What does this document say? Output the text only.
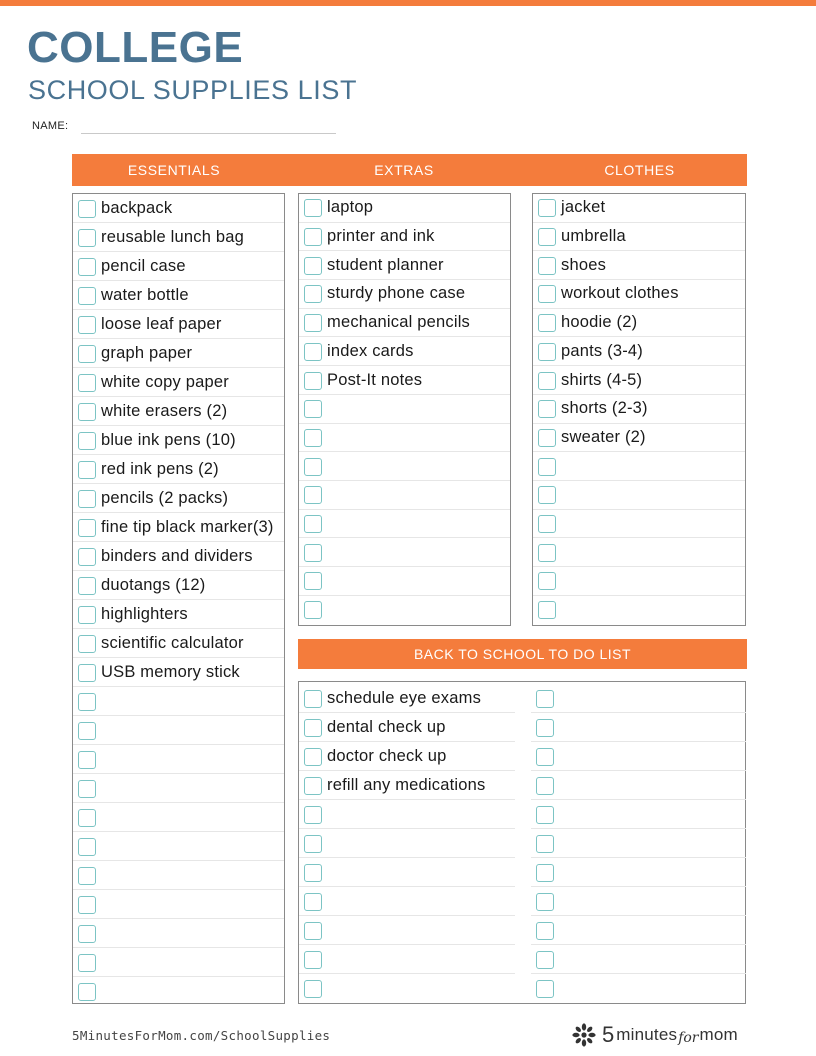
COLLEGE
SCHOOL SUPPLIES LIST
NAME:
ESSENTIALS	EXTRAS	CLOTHES
backpack
reusable lunch bag
pencil case
water bottle
loose leaf paper
graph paper
white copy paper
white erasers (2)
blue ink pens (10)
red ink pens (2)
pencils (2 packs)
fine tip black marker(3)
binders and dividers
duotangs (12)
highlighters
scientific calculator
USB memory stick
laptop
printer and ink
student planner
sturdy phone case
mechanical pencils
index cards
Post-It notes
jacket
umbrella
shoes
workout clothes
hoodie (2)
pants (3-4)
shirts (4-5)
shorts (2-3)
sweater (2)
BACK TO SCHOOL TO DO LIST
schedule eye exams
dental check up
doctor check up
refill any medications
5MinutesForMom.com/SchoolSupplies	5 minutes for mom
